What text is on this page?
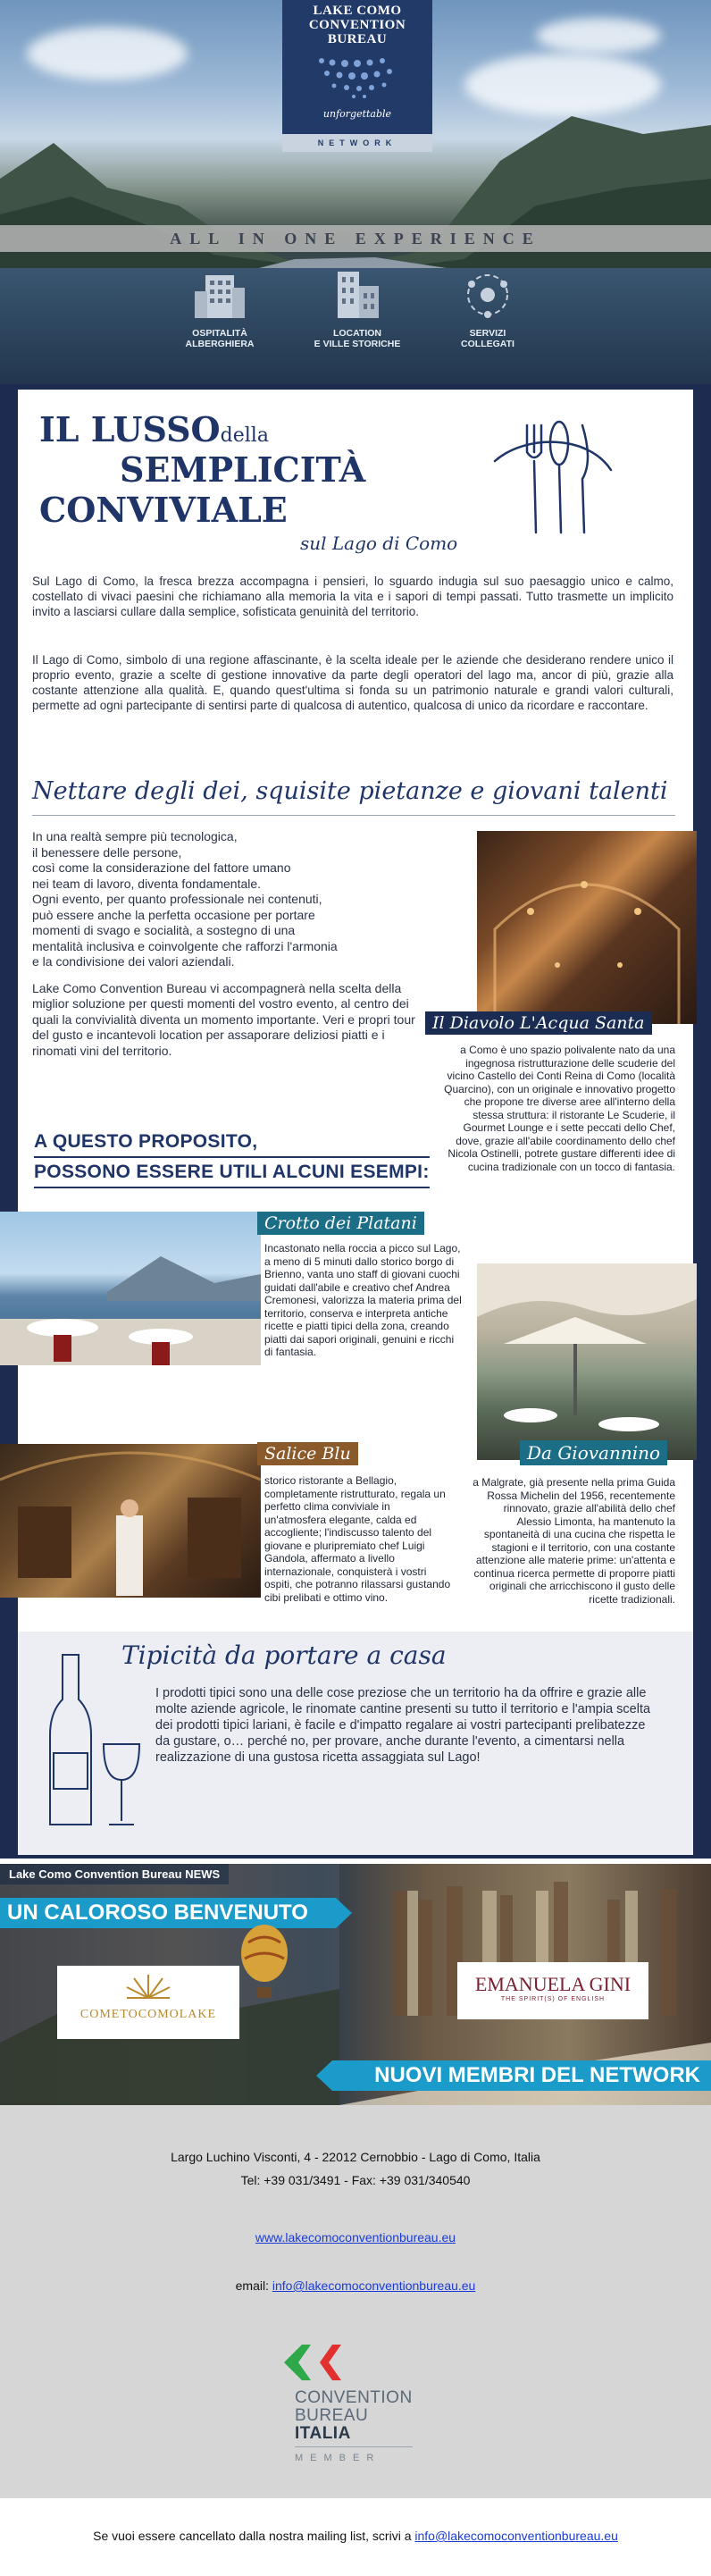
LAKE COMO
CONVENTION
BUREAU
unforgettable
NETWORK
ALL IN ONE EXPERIENCE
OSPITALITÀ
ALBERGHIERA
LOCATION
E VILLE STORICHE
SERVIZI
COLLEGATI
IL LUSSOdella
SEMPLICITÀ
CONVIVIALE
sul Lago di Como
Sul Lago di Como, la fresca brezza accompagna i pensieri, lo sguardo indugia sul suo paesaggio unico e calmo, costellato di vivaci paesini che richiamano alla memoria la vita e i sapori di tempi passati. Tutto trasmette un implicito invito a lasciarsi cullare dalla semplice, sofisticata genuinità del territorio.
Il Lago di Como, simbolo di una regione affascinante, è la scelta ideale per le aziende che desiderano rendere unico il proprio evento, grazie a scelte di gestione innovative da parte degli operatori del lago ma, ancor di più, grazie alla costante attenzione alla qualità. E, quando quest'ultima si fonda su un patrimonio naturale e grandi valori culturali, permette ad ogni partecipante di sentirsi parte di qualcosa di autentico, qualcosa di unico da ricordare e raccontare.
Nettare degli dei, squisite pietanze e giovani talenti

In una realtà sempre più tecnologica,
il benessere delle persone,
così come la considerazione del fattore umano
nei team di lavoro, diventa fondamentale.
Ogni evento, per quanto professionale nei contenuti,
può essere anche la perfetta occasione per portare
momenti di svago e socialità, a sostegno di una
mentalità inclusiva e coinvolgente che rafforzi l'armonia
e la condivisione dei valori aziendali.

Lake Como Convention Bureau vi accompagnerà nella scelta della miglior soluzione per questi momenti del vostro evento, al centro dei quali la convivialità diventa un momento importante. Veri e propri tour del gusto e incantevoli location per assaporare deliziosi piatti e i rinomati vini del territorio.

A QUESTO PROPOSITO,
POSSONO ESSERE UTILI ALCUNI ESEMPI:
Il Diavolo L'Acqua Santa
a Como è uno spazio polivalente nato da una ingegnosa ristrutturazione delle scuderie del vicino Castello dei Conti Reina di Como (località Quarcino), con un originale e innovativo progetto che propone tre diverse aree all'interno della stessa struttura: il ristorante Le Scuderie, il Gourmet Lounge e i sette peccati dello Chef, dove, grazie all'abile coordinamento dello chef Nicola Ostinelli, potrete gustare differenti idee di cucina tradizionale con un tocco di fantasia.
Crotto dei Platani
Incastonato nella roccia a picco sul Lago, a meno di 5 minuti dallo storico borgo di Brienno, vanta uno staff di giovani cuochi guidati dall'abile e creativo chef Andrea Cremonesi, valorizza la materia prima del territorio, conserva e interpreta antiche ricette e piatti tipici della zona, creando piatti dai sapori originali, genuini e ricchi di fantasia.
Da Giovannino
a Malgrate, già presente nella prima Guida Rossa Michelin del 1956, recentemente rinnovato, grazie all'abilità dello chef Alessio Limonta, ha mantenuto la spontaneità di una cucina che rispetta le stagioni e il territorio, con una costante attenzione alle materie prime: un'attenta e continua ricerca permette di proporre piatti originali che arricchiscono il gusto delle ricette tradizionali.
Salice Blu
storico ristorante a Bellagio, completamente ristrutturato, regala un perfetto clima conviviale in un'atmosfera elegante, calda ed accogliente; l'indiscusso talento del giovane e pluripremiato chef Luigi Gandola, affermato a livello internazionale, conquisterà i vostri ospiti, che potranno rilassarsi gustando cibi prelibati e ottimo vino.
Tipicità da portare a casa
I prodotti tipici sono una delle cose preziose che un territorio ha da offrire e grazie alle molte aziende agricole, le rinomate cantine presenti su tutto il territorio e l'ampia scelta dei prodotti tipici lariani, è facile e d'impatto regalare ai vostri partecipanti prelibatezze da gustare, o… perché no, per provare, anche durante l'evento, a cimentarsi nella realizzazione di una gustosa ricetta assaggiata sul Lago!
Lake Como Convention Bureau NEWS
UN CALOROSO BENVENUTO
COMETOCOMOLAKE
EMANUELA GINI
THE SPIRIT(S) OF ENGLISH
NUOVI MEMBRI DEL NETWORK
Largo Luchino Visconti, 4 - 22012 Cernobbio - Lago di Como, Italia
Tel: +39 031/3491 - Fax: +39 031/340540
www.lakecomoconventionbureau.eu
email: info@lakecomoconventionbureau.eu
CONVENTION
BUREAU
ITALIA
MEMBER
Se vuoi essere cancellato dalla nostra mailing list, scrivi a info@lakecomoconventionbureau.eu
